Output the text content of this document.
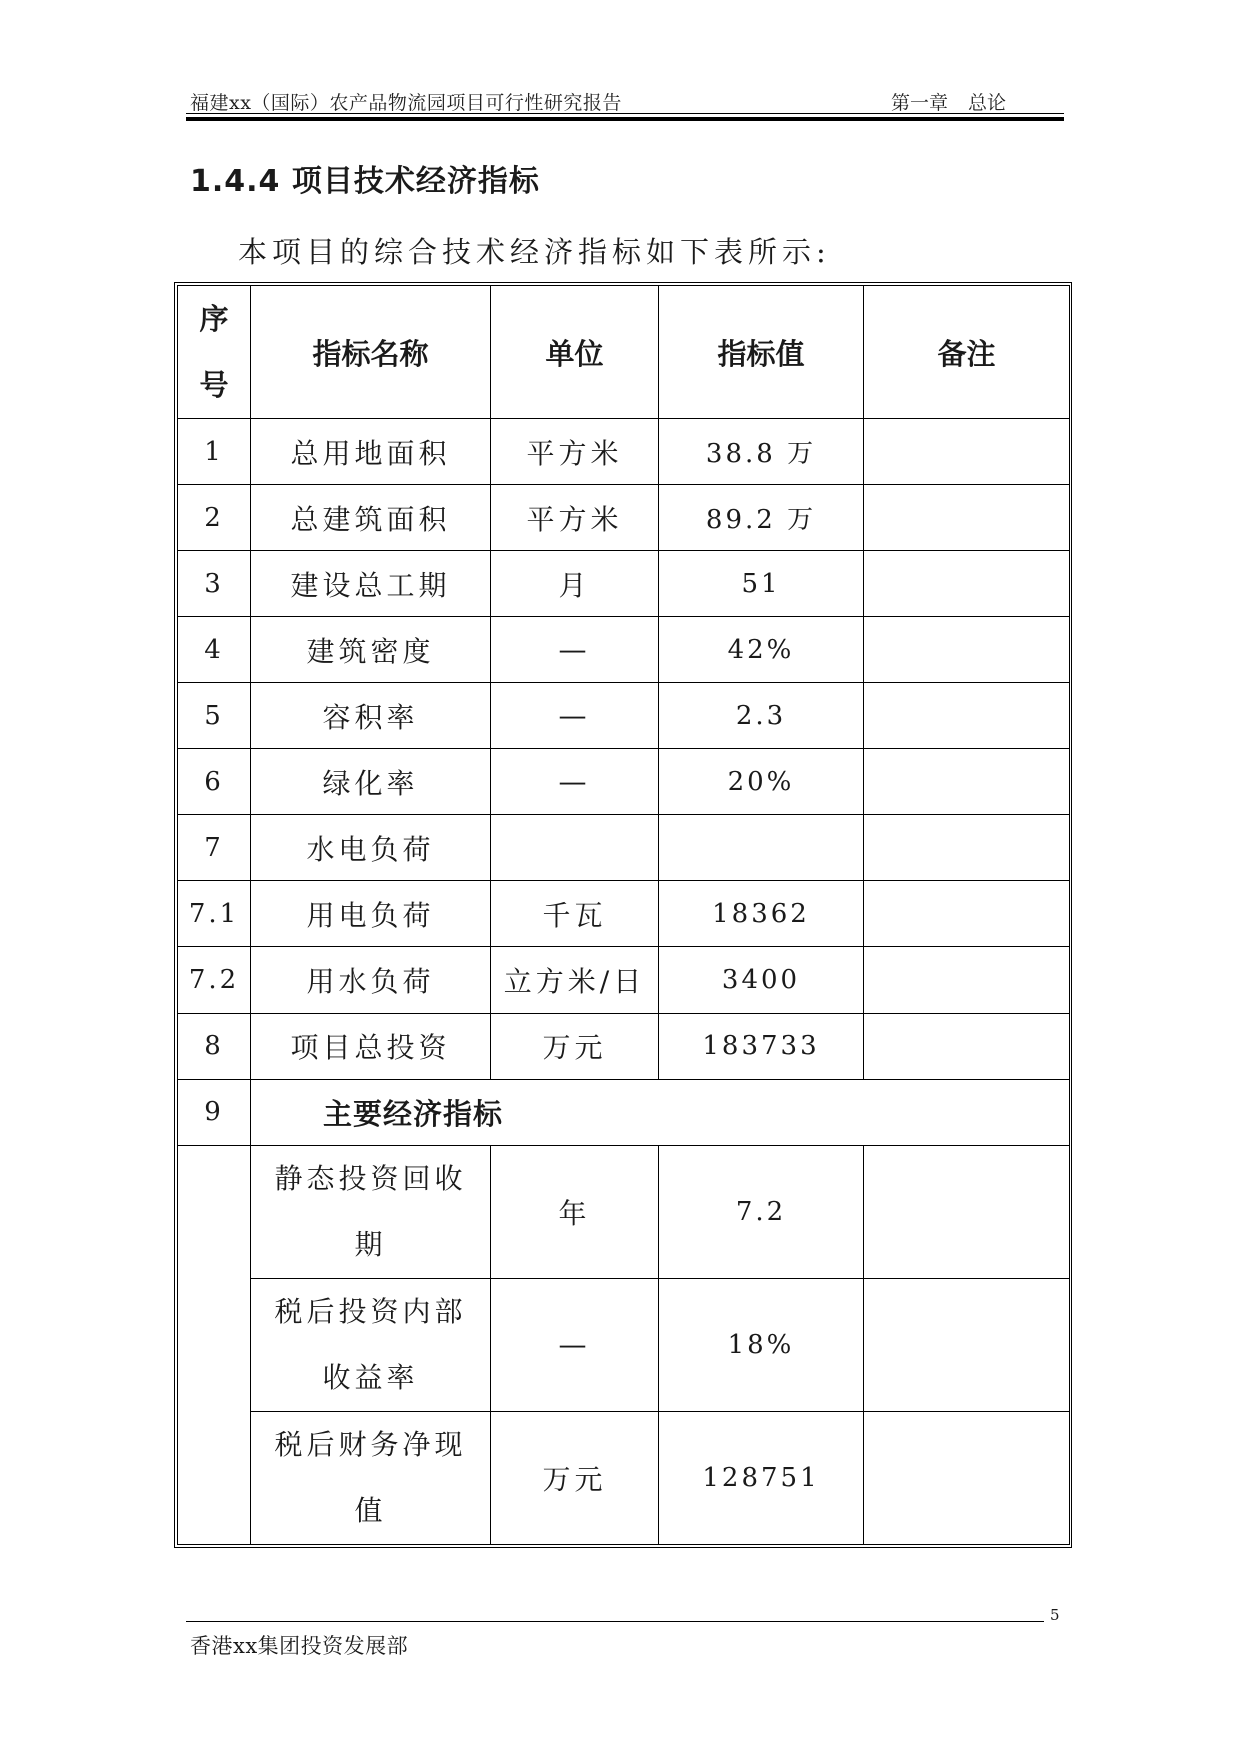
福建xx（国际）农产品物流园项目可行性研究报告	第一章 总论
1.4.4 项目技术经济指标
本项目的综合技术经济指标如下表所示:
序
号	指标名称	单位	指标值	备注
1	总用地面积	平方米	38.8 万	
2	总建筑面积	平方米	89.2 万	
3	建设总工期	月	51	
4	建筑密度	—	42%	
5	容积率	—	2.3	
6	绿化率	—	20%	
7	水电负荷			
7.1	用电负荷	千瓦	18362	
7.2	用水负荷	立方米/日	3400	
8	项目总投资	万元	183733	
9	主要经济指标			
	静态投资回收期	年	7.2	
	税后投资内部收益率	—	18%	
	税后财务净现值	万元	128751	
5
香港xx集团投资发展部
